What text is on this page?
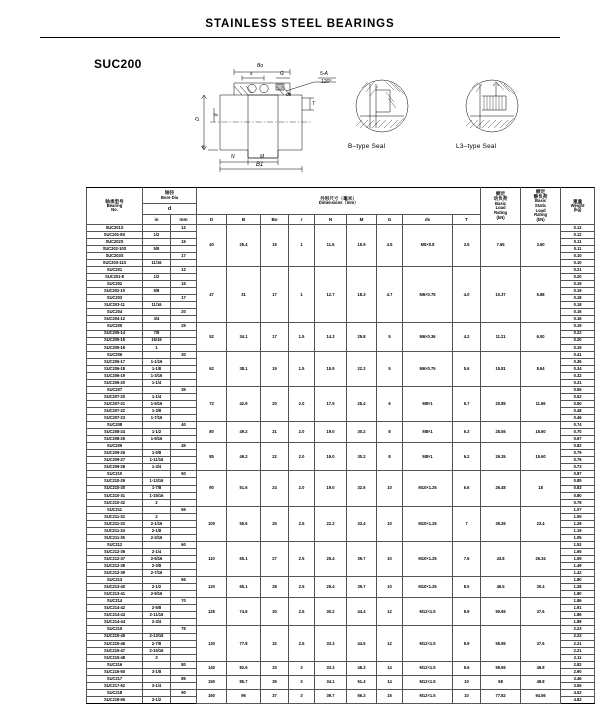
STAINLESS STEEL BEARINGS
SUC200
B–type Seal	L3–type Seal
Bo
s	G	5-A
120°
D
d
e
N	M
B1
T
ds
轴承型号
Bearing
No.

轴径
Bore Dia	外形尺寸（毫米）
Dimensions（mm）

额定
动负荷
Basic
Load
Rating
(kN)

额定
静负荷
Basic
Static
Load
Rating
(kN)

重量
Weight
(kg)

	d													

	in	mm	D	B	Bo	r	N	M	G	ds	T			
SUC201S		12	40	25.4	15	1	11.5	15.9	4.5	M5×0.8	3.5	7.65	3.60	0.12
SUC201-8S	1/2													0.12
SUC202S		15												0.11
SUC202-10S	5/8													0.11
SUC203S		17												0.10
SUC203-11S	11/16													0.10
SUC201		12	47	31	17	1	12.7	18.3	4.7	M6×0.75	4.0	10.37	5.88	0.21
SUC201-8	1/2													0.20
SUC202		15												0.19
SUC202-10	5/8													0.19
SUC203		17												0.18
SUC203-11	11/16													0.18
SUC204		20												0.16
SUC204-12	3/4													0.16
SUC205		25	52	34.1	17	1.5	14.3	29.8	5	M6×0.36	4.2	11.21	6.00	0.19
SUC205-14	7/8													0.22
SUC205-15	15/16													0.20
SUC205-16	1													0.19
SUC206		30	62	38.1	19	1.5	15.9	22.2	5	M6×0.75	5.6	15.81	8.64	0.41
SUC206-17	1-1/16													0.36
SUC206-18	1-1/8													0.34
SUC206-19	1-3/16													0.32
SUC206-20	1-1/4													0.31
SUC207		35	72	42.9	20	2.0	17.5	25.4	6	M8×1	6.7	20.85	11.66	0.55
SUC207-20	1-1/4													0.52
SUC207-21	1-5/16													0.50
SUC207-22	1-3/8													0.48
SUC207-23	1-7/16													0.46
SUC208		40	80	49.2	21	2.0	19.0	30.2	8	M8×1	6.3	25.55	15.60	0.74
SUC208-24	1-1/2													0.70
SUC208-25	1-9/16													0.67
SUC209		45	85	49.2	22	2.0	19.0	30.2	8	M8×1	6.2	26.35	15.60	0.82
SUC209-26	1-5/8													0.79
SUC209-27	1-11/16													0.76
SUC209-28	1-3/4													0.73
SUC210		50	90	51.6	24	2.0	19.0	32.6	10	M10×1.25	6.6	26.48	18	0.87
SUC210-29	1-13/16													0.85
SUC210-30	1-7/8													0.83
SUC210-31	1-15/16													0.80
SUC210-32	2													0.78
SUC211		55	100	55.6	25	2.5	22.2	33.4	10	M10×1.25	7	35.26	23.4	1.07
SUC211-32	2													1.55
SUC211-33	2-1/16													1.28
SUC211-34	2-1/8													1.19
SUC211-35	2-3/16													1.05
SUC212		60	110	65.1	27	2.5	25.4	39.7	10	M10×1.25	7.6	43.8	26.34	1.52
SUC212-36	2-1/4													1.65
SUC212-37	2-5/16													1.59
SUC212-38	2-3/8													1.49
SUC212-39	2-7/16													1.42
SUC213		65	120	65.1	28	2.5	25.4	39.7	10	M10×1.25	8.5	46.5	30.4	1.80
SUC213-40	2-1/2													1.28
SUC213-41	2-9/16													1.80
SUC214		70	125	74.6	30	2.5	30.2	44.4	12	M12×1.5	8.9	50.65	37.6	1.86
SUC214-42	2-5/8													1.91
SUC214-43	2-11/16													1.86
SUC214-44	2-3/4													1.88
SUC215		75	130	77.8	32	2.5	33.3	44.5	12	M12×1.5	8.9	55.95	37.6	2.23
SUC215-45	2-13/16													2.23
SUC215-46	2-7/8													2.21
SUC215-47	2-15/16													2.21
SUC215-48	3													2.11
SUC216		80	140	82.6	33	3	33.3	48.3	14	M12×1.5	9.6	59.65	49.8	2.82
SUC216-50	3-1/8													2.90
SUC217		85	150	85.7	35	3	34.1	51.4	14	M12×1.5	10	68	49.8	3.46
SUC217-52	3-1/4													3.55
SUC218		90	160	96	37	3	39.7	56.3	15	M12×1.5	10	77.82	94.56	4.52
SUC218-56	3-1/2													4.82
